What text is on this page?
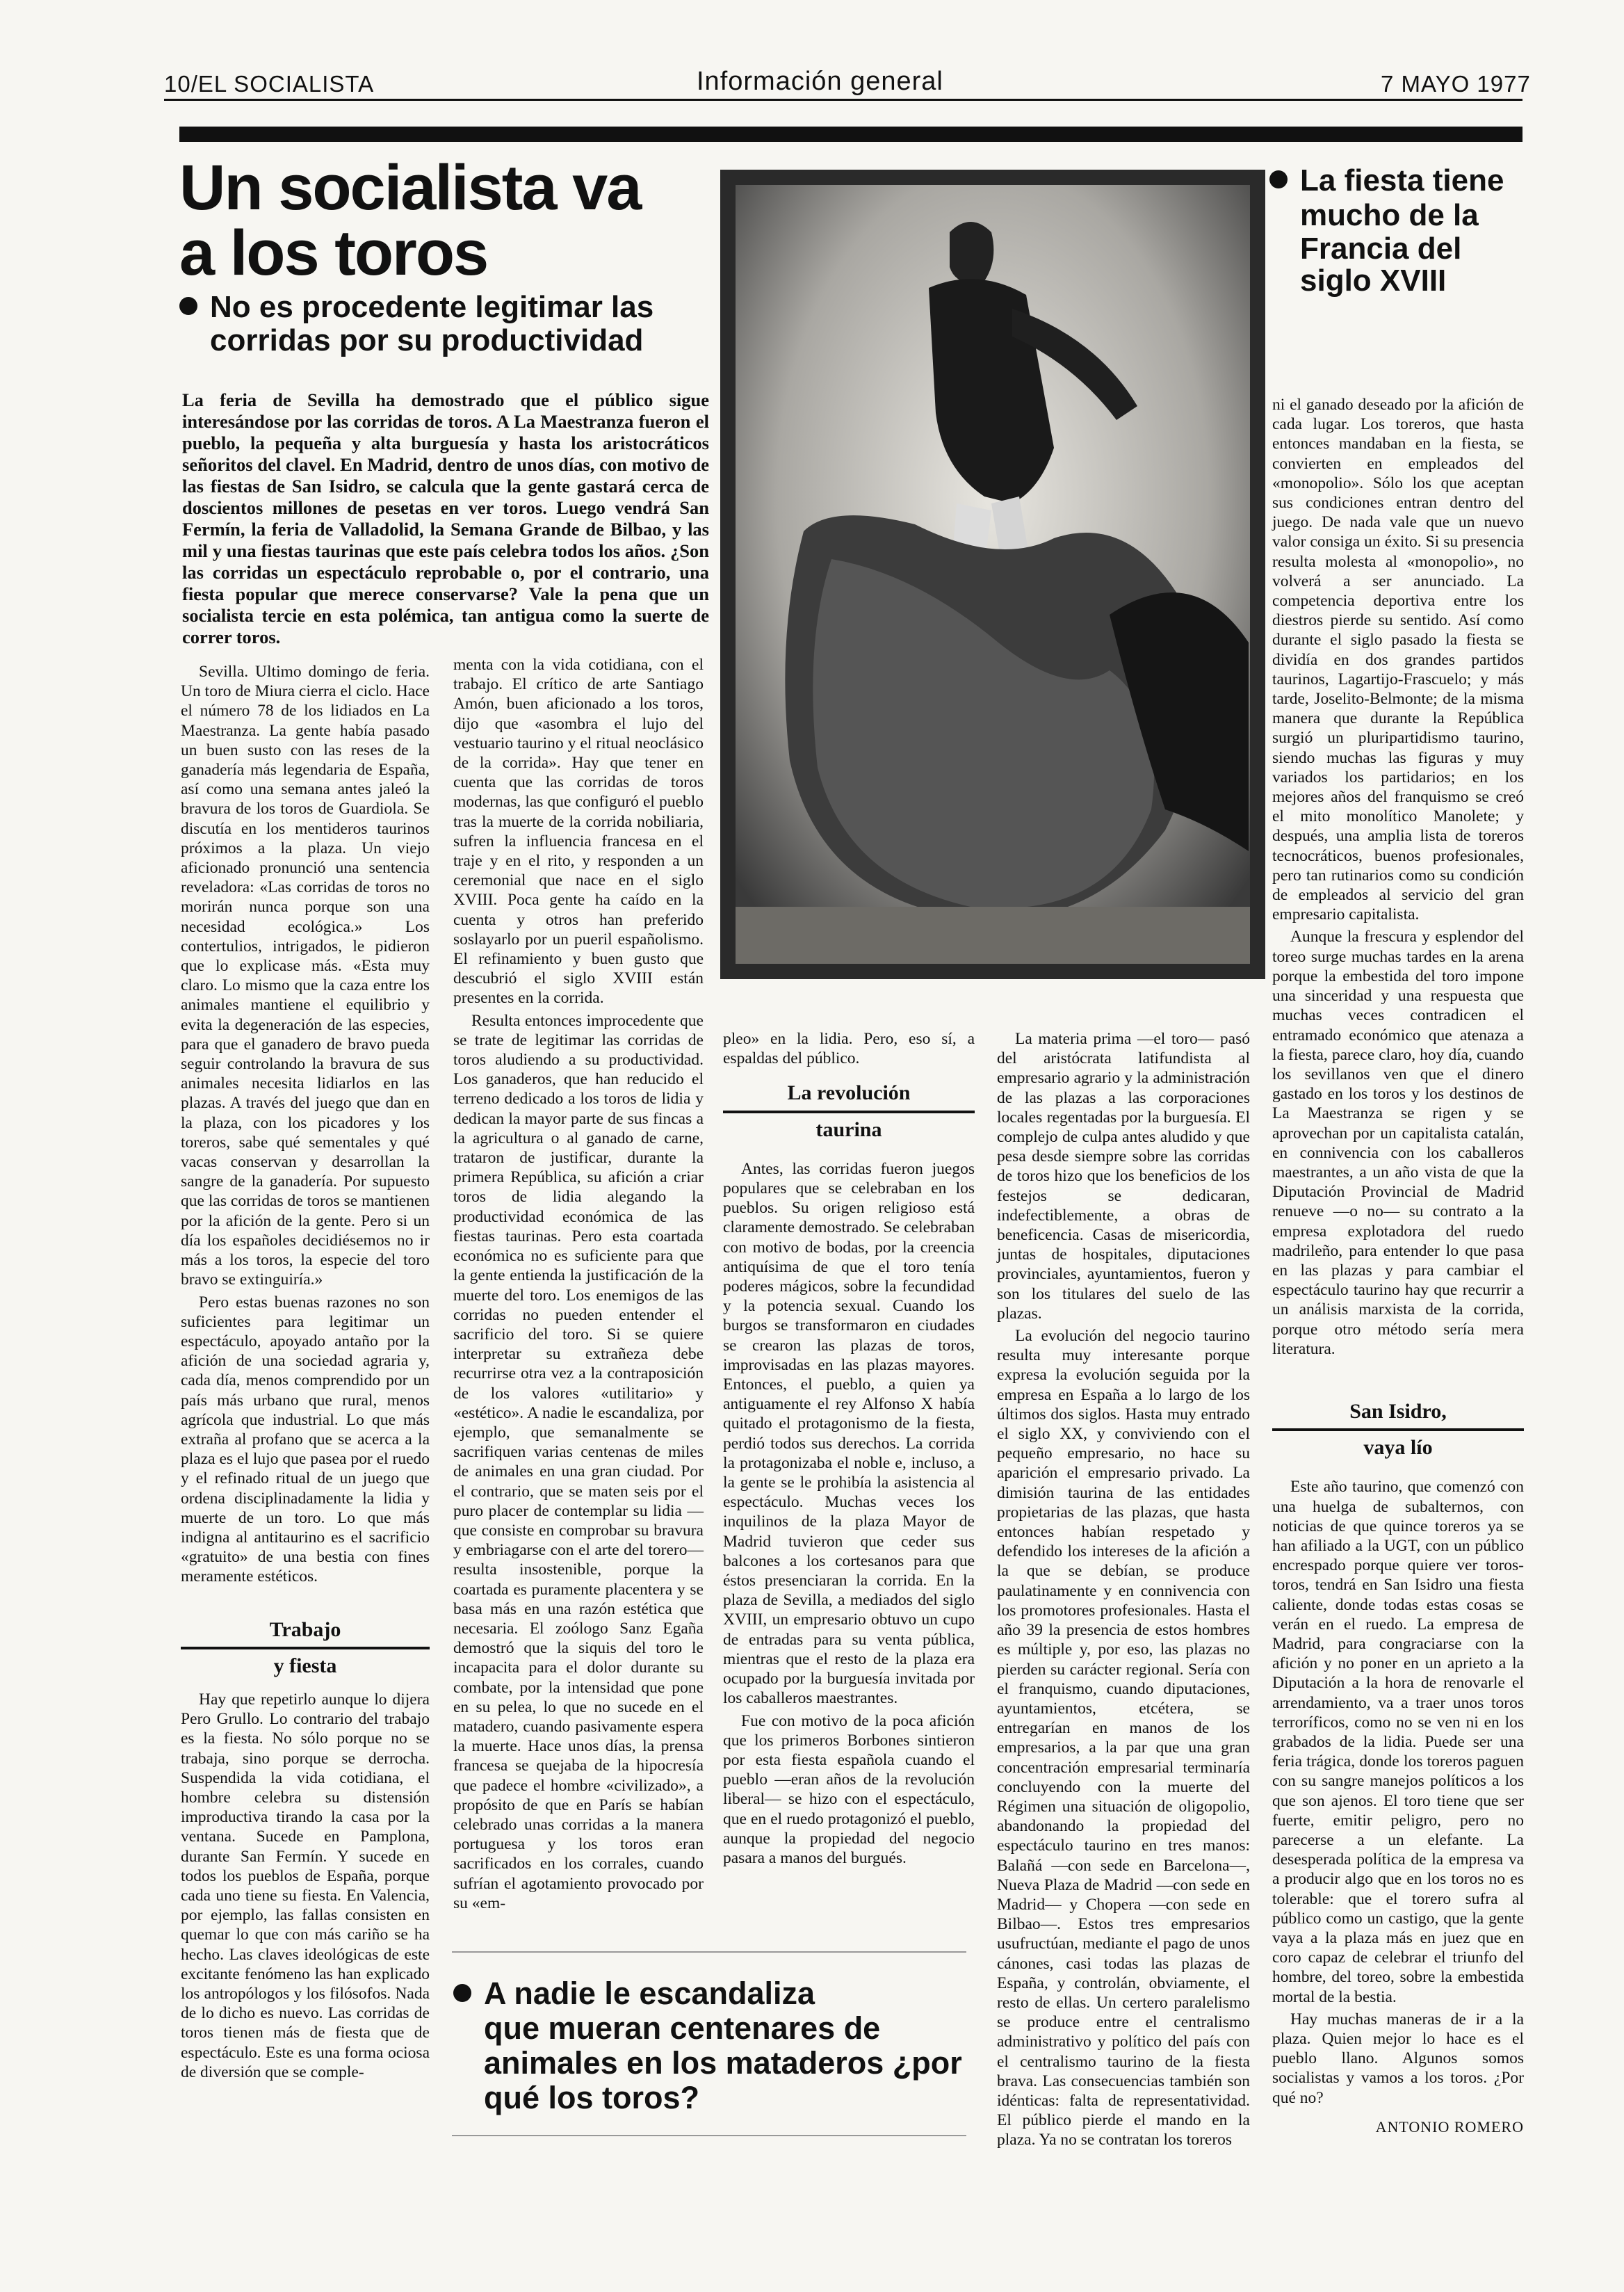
10/EL SOCIALISTA	Información general	7 MAYO 1977
Un socialista va
a los toros
No es procedente legitimar las
corridas por su productividad

La feria de Sevilla ha demostrado que el público sigue interesándose por las corridas de toros. A La Maestranza fueron el pueblo, la pequeña y alta burguesía y hasta los aristocráticos señoritos del clavel. En Madrid, dentro de unos días, con motivo de las fiestas de San Isidro, se calcula que la gente gastará cerca de doscientos millones de pesetas en ver toros. Luego vendrá San Fermín, la feria de Valladolid, la Semana Grande de Bilbao, y las mil y una fiestas taurinas que este país celebra todos los años. ¿Son las corridas un espectáculo reprobable o, por el contrario, una fiesta popular que merece conservarse? Vale la pena que un socialista tercie en esta polémica, tan antigua como la suerte de correr toros.

La fiesta tiene
mucho de la
Francia del
siglo XVIII

Sevilla. Ultimo domingo de feria. Un toro de Miura cierra el ciclo. Hace el número 78 de los lidiados en La Maestranza. La gente había pasado un buen susto con las reses de la ganadería más legendaria de España, así como una semana antes jaleó la bravura de los toros de Guardiola. Se discutía en los mentideros taurinos próximos a la plaza. Un viejo aficionado pronunció una sentencia reveladora: «Las corridas de toros no morirán nunca porque son una necesidad ecológica.» Los contertulios, intrigados, le pidieron que lo explicase más. «Esta muy claro. Lo mismo que la caza entre los animales mantiene el equilibrio y evita la degeneración de las especies, para que el ganadero de bravo pueda seguir controlando la bravura de sus animales necesita lidiarlos en las plazas. A través del juego que dan en la plaza, con los picadores y los toreros, sabe qué sementales y qué vacas conservan y desarrollan la sangre de la ganadería. Por supuesto que las corridas de toros se mantienen por la afición de la gente. Pero si un día los españoles decidiésemos no ir más a los toros, la especie del toro bravo se extinguiría.»

Pero estas buenas razones no son suficientes para legitimar un espectáculo, apoyado antaño por la afición de una sociedad agraria y, cada día, menos comprendido por un país más urbano que rural, menos agrícola que industrial. Lo que más extraña al profano que se acerca a la plaza es el lujo que pasea por el ruedo y el refinado ritual de un juego que ordena disciplinadamente la lidia y muerte de un toro. Lo que más indigna al antitaurino es el sacrificio «gratuito» de una bestia con fines meramente estéticos.

Trabajo
y fiesta

Hay que repetirlo aunque lo dijera Pero Grullo. Lo contrario del trabajo es la fiesta. No sólo porque no se trabaja, sino porque se derrocha. Suspendida la vida cotidiana, el hombre celebra su distensión improductiva tirando la casa por la ventana. Sucede en Pamplona, durante San Fermín. Y sucede en todos los pueblos de España, porque cada uno tiene su fiesta. En Valencia, por ejemplo, las fallas consisten en quemar lo que con más cariño se ha hecho. Las claves ideológicas de este excitante fenómeno las han explicado los antropólogos y los filósofos. Nada de lo dicho es nuevo. Las corridas de toros tienen más de fiesta que de espectáculo. Este es una forma ociosa de diversión que se comple-

menta con la vida cotidiana, con el trabajo. El crítico de arte Santiago Amón, buen aficionado a los toros, dijo que «asombra el lujo del vestuario taurino y el ritual neoclásico de la corrida». Hay que tener en cuenta que las corridas de toros modernas, las que configuró el pueblo tras la muerte de la corrida nobiliaria, sufren la influencia francesa en el traje y en el rito, y responden a un ceremonial que nace en el siglo XVIII. Poca gente ha caído en la cuenta y otros han preferido soslayarlo por un pueril españolismo. El refinamiento y buen gusto que descubrió el siglo XVIII están presentes en la corrida.

Resulta entonces improcedente que se trate de legitimar las corridas de toros aludiendo a su productividad. Los ganaderos, que han reducido el terreno dedicado a los toros de lidia y dedican la mayor parte de sus fincas a la agricultura o al ganado de carne, trataron de justificar, durante la primera República, su afición a criar toros de lidia alegando la productividad económica de las fiestas taurinas. Pero esta coartada económica no es suficiente para que la gente entienda la justificación de la muerte del toro. Los enemigos de las corridas no pueden entender el sacrificio del toro. Si se quiere interpretar su extrañeza debe recurrirse otra vez a la contraposición de los valores «utilitario» y «estético». A nadie le escandaliza, por ejemplo, que semanalmente se sacrifiquen varias centenas de miles de animales en una gran ciudad. Por el contrario, que se maten seis por el puro placer de contemplar su lidia —que consiste en comprobar su bravura y embriagarse con el arte del torero— resulta insostenible, porque la coartada es puramente placentera y se basa más en una razón estética que necesaria. El zoólogo Sanz Egaña demostró que la siquis del toro le incapacita para el dolor durante su combate, por la intensidad que pone en su pelea, lo que no sucede en el matadero, cuando pasivamente espera la muerte. Hace unos días, la prensa francesa se quejaba de la hipocresía que padece el hombre «civilizado», a propósito de que en París se habían celebrado unas corridas a la manera portuguesa y los toros eran sacrificados en los corrales, cuando sufrían el agotamiento provocado por su «em-

pleo» en la lidia. Pero, eso sí, a espaldas del público.

La revolución
taurina

Antes, las corridas fueron juegos populares que se celebraban en los pueblos. Su origen religioso está claramente demostrado. Se celebraban con motivo de bodas, por la creencia antiquísima de que el toro tenía poderes mágicos, sobre la fecundidad y la potencia sexual. Cuando los burgos se transformaron en ciudades se crearon las plazas de toros, improvisadas en las plazas mayores. Entonces, el pueblo, a quien ya antiguamente el rey Alfonso X había quitado el protagonismo de la fiesta, perdió todos sus derechos. La corrida la protagonizaba el noble e, incluso, a la gente se le prohibía la asistencia al espectáculo. Muchas veces los inquilinos de la plaza Mayor de Madrid tuvieron que ceder sus balcones a los cortesanos para que éstos presenciaran la corrida. En la plaza de Sevilla, a mediados del siglo XVIII, un empresario obtuvo un cupo de entradas para su venta pública, mientras que el resto de la plaza era ocupado por la burguesía invitada por los caballeros maestrantes.

Fue con motivo de la poca afición que los primeros Borbones sintieron por esta fiesta española cuando el pueblo —eran años de la revolución liberal— se hizo con el espectáculo, que en el ruedo protagonizó el pueblo, aunque la propiedad del negocio pasara a manos del burgués.

La materia prima —el toro— pasó del aristócrata latifundista al empresario agrario y la administración de las plazas a las corporaciones locales regentadas por la burguesía. El complejo de culpa antes aludido y que pesa desde siempre sobre las corridas de toros hizo que los beneficios de los festejos se dedicaran, indefectiblemente, a obras de beneficencia. Casas de misericordia, juntas de hospitales, diputaciones provinciales, ayuntamientos, fueron y son los titulares del suelo de las plazas.

La evolución del negocio taurino resulta muy interesante porque expresa la evolución seguida por la empresa en España a lo largo de los últimos dos siglos. Hasta muy entrado el siglo XX, y conviviendo con el pequeño empresario, no hace su aparición el empresario privado. La dimisión taurina de las entidades propietarias de las plazas, que hasta entonces habían respetado y defendido los intereses de la afición a la que se debían, se produce paulatinamente y en connivencia con los promotores profesionales. Hasta el año 39 la presencia de estos hombres es múltiple y, por eso, las plazas no pierden su carácter regional. Sería con el franquismo, cuando diputaciones, ayuntamientos, etcétera, se entregarían en manos de los empresarios, a la par que una gran concentración empresarial terminaría concluyendo con la muerte del Régimen una situación de oligopolio, abandonando la propiedad del espectáculo taurino en tres manos: Balañá —con sede en Barcelona—, Nueva Plaza de Madrid —con sede en Madrid— y Chopera —con sede en Bilbao—. Estos tres empresarios usufructúan, mediante el pago de unos cánones, casi todas las plazas de España, y controlán, obviamente, el resto de ellas. Un certero paralelismo se produce entre el centralismo administrativo y político del país con el centralismo taurino de la fiesta brava. Las consecuencias también son idénticas: falta de representatividad. El público pierde el mando en la plaza. Ya no se contratan los toreros

ni el ganado deseado por la afición de cada lugar. Los toreros, que hasta entonces mandaban en la fiesta, se convierten en empleados del «monopolio». Sólo los que aceptan sus condiciones entran dentro del juego. De nada vale que un nuevo valor consiga un éxito. Si su presencia resulta molesta al «monopolio», no volverá a ser anunciado. La competencia deportiva entre los diestros pierde su sentido. Así como durante el siglo pasado la fiesta se dividía en dos grandes partidos taurinos, Lagartijo-Frascuelo; y más tarde, Joselito-Belmonte; de la misma manera que durante la República surgió un pluripartidismo taurino, siendo muchas las figuras y muy variados los partidarios; en los mejores años del franquismo se creó el mito monolítico Manolete; y después, una amplia lista de toreros tecnocráticos, buenos profesionales, pero tan rutinarios como su condición de empleados al servicio del gran empresario capitalista.

Aunque la frescura y esplendor del toreo surge muchas tardes en la arena porque la embestida del toro impone una sinceridad y una respuesta que muchas veces contradicen el entramado económico que atenaza a la fiesta, parece claro, hoy día, cuando los sevillanos ven que el dinero gastado en los toros y los destinos de La Maestranza se rigen y se aprovechan por un capitalista catalán, en connivencia con los caballeros maestrantes, a un año vista de que la Diputación Provincial de Madrid renueve —o no— su contrato a la empresa explotadora del ruedo madrileño, para entender lo que pasa en las plazas y para cambiar el espectáculo taurino hay que recurrir a un análisis marxista de la corrida, porque otro método sería mera literatura.

San Isidro,
vaya lío

Este año taurino, que comenzó con una huelga de subalternos, con noticias de que quince toreros ya se han afiliado a la UGT, con un público encrespado porque quiere ver toros-toros, tendrá en San Isidro una fiesta caliente, donde todas estas cosas se verán en el ruedo. La empresa de Madrid, para congraciarse con la afición y no poner en un aprieto a la Diputación a la hora de renovarle el arrendamiento, va a traer unos toros terroríficos, como no se ven ni en los grabados de la lidia. Puede ser una feria trágica, donde los toreros paguen con su sangre manejos políticos a los que son ajenos. El toro tiene que ser fuerte, emitir peligro, pero no parecerse a un elefante. La desesperada política de la empresa va a producir algo que en los toros no es tolerable: que el torero sufra al público como un castigo, que la gente vaya a la plaza más en juez que en coro capaz de celebrar el triunfo del hombre, del toreo, sobre la embestida mortal de la bestia.

Hay muchas maneras de ir a la plaza. Quien mejor lo hace es el pueblo llano. Algunos somos socialistas y vamos a los toros. ¿Por qué no?

ANTONIO ROMERO
A nadie le escandaliza
que mueran centenares de
animales en los mataderos ¿por
qué los toros?
